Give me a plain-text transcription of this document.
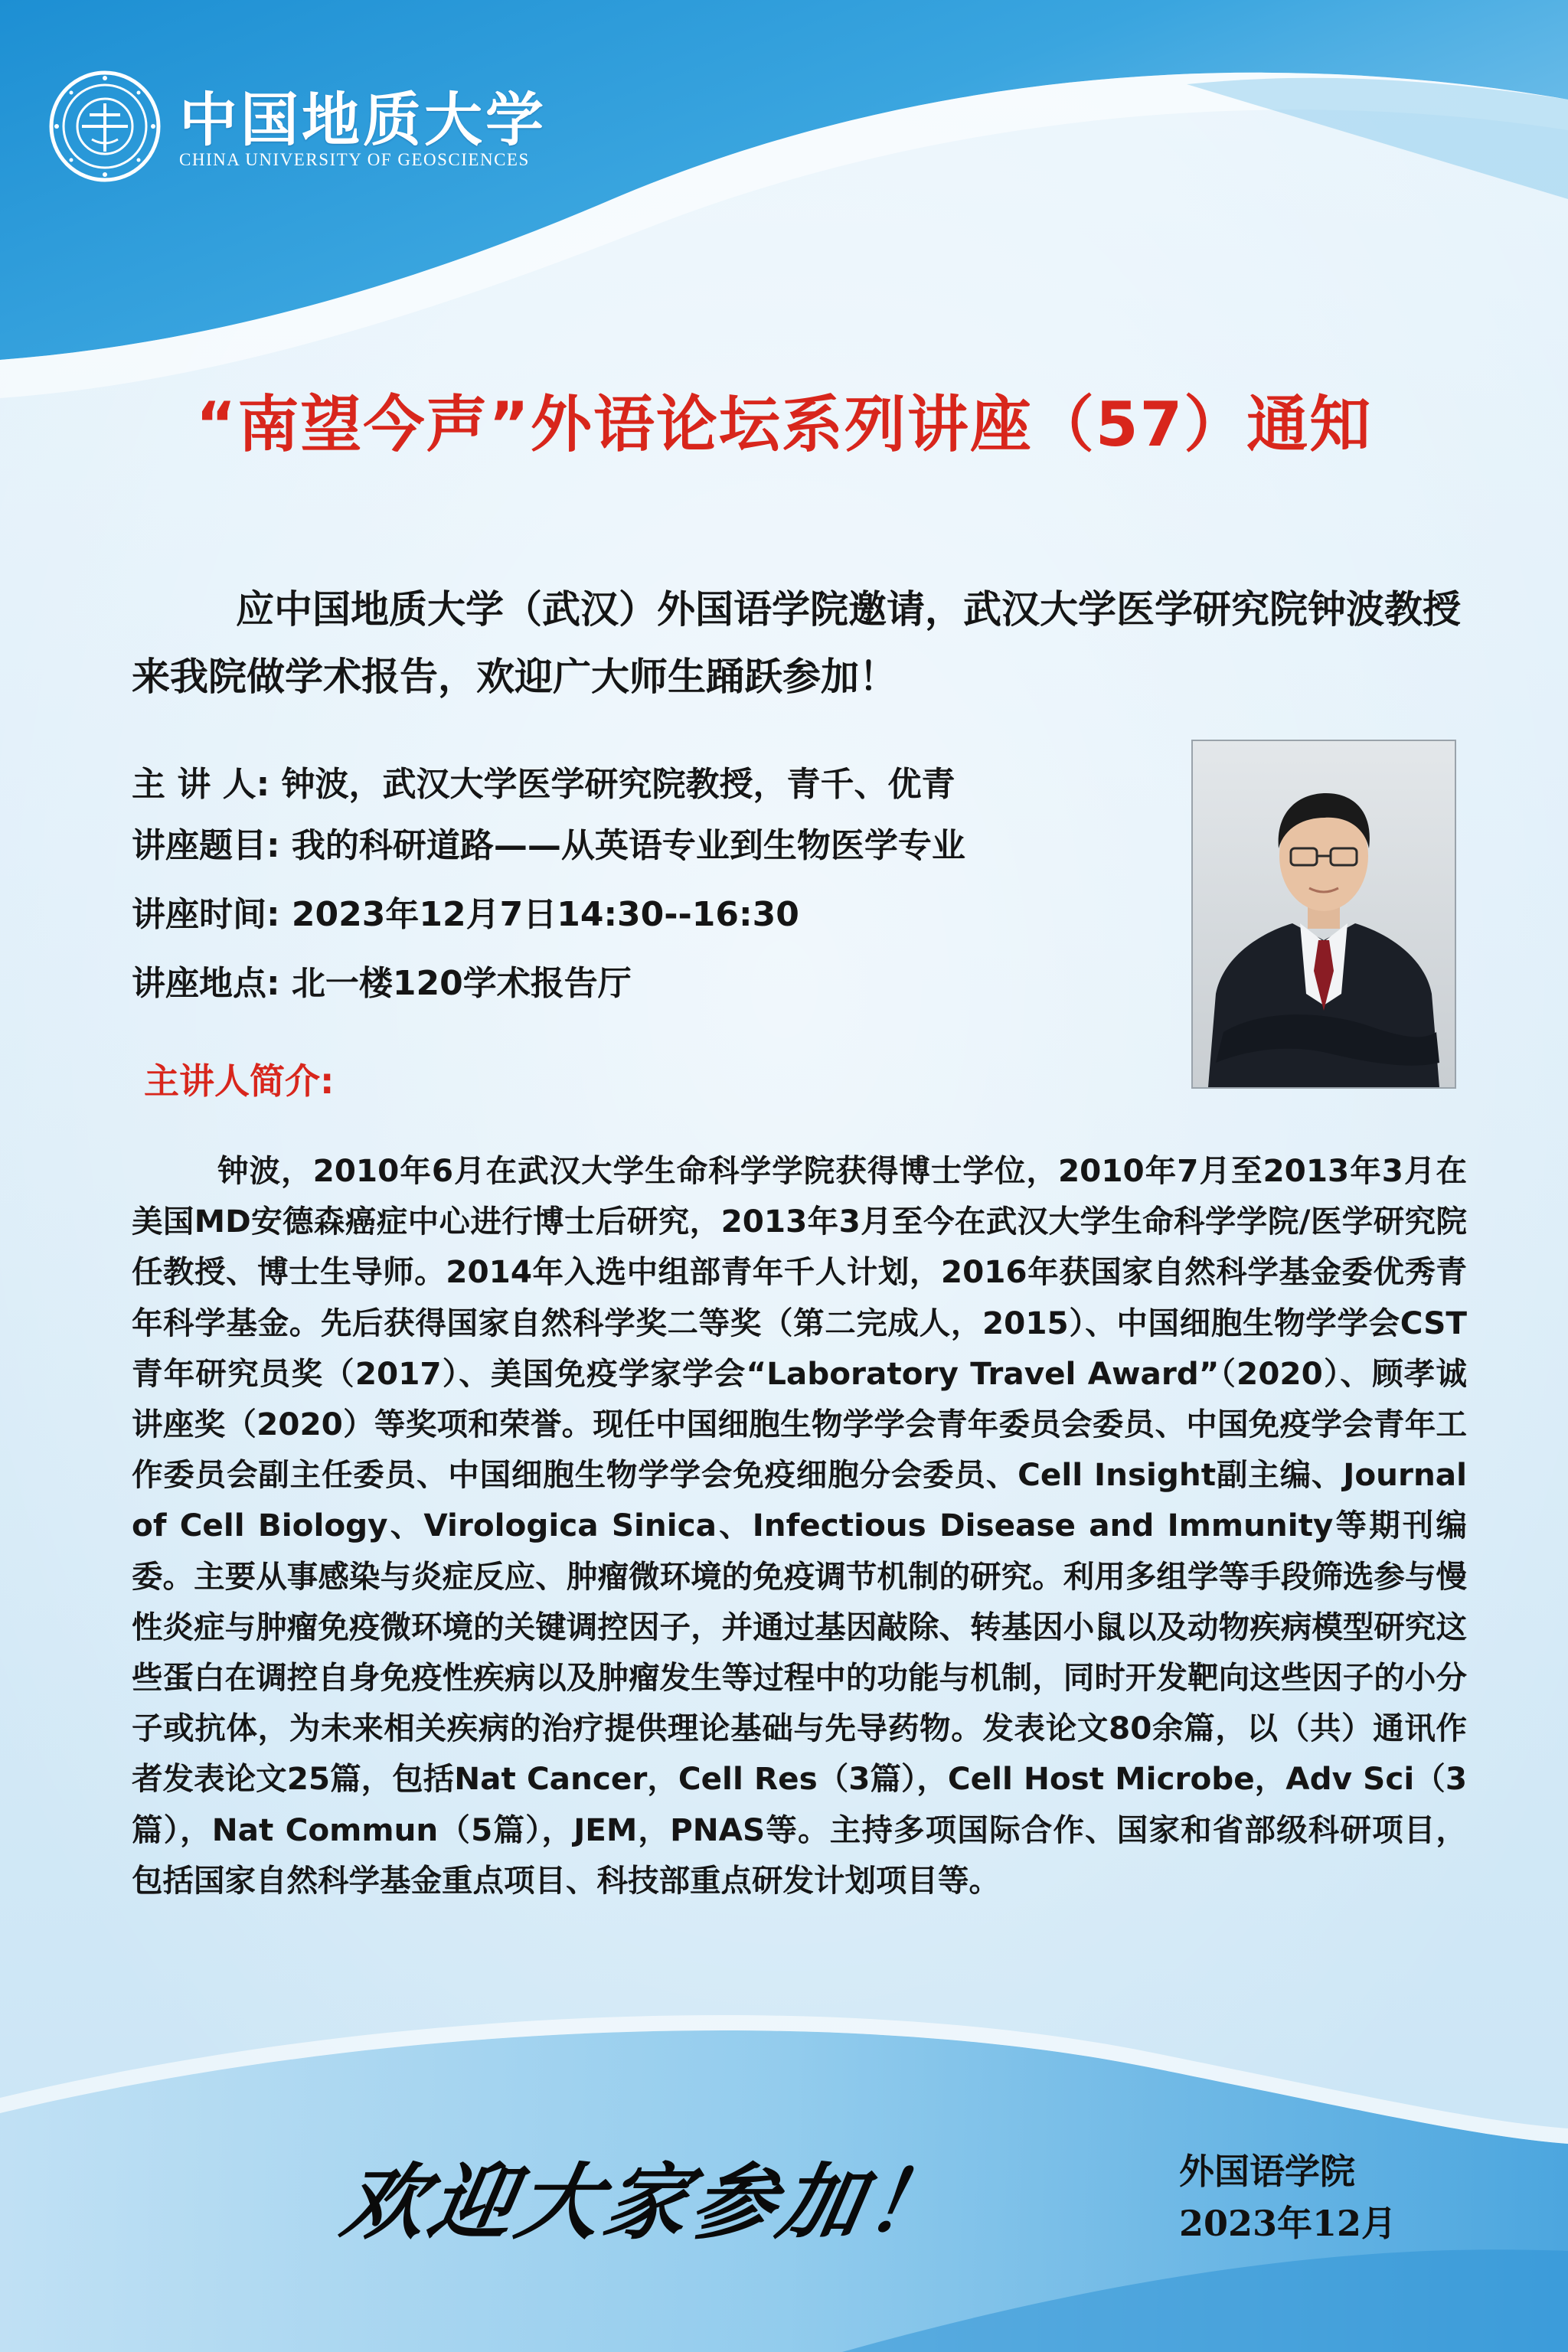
中国地质大学
CHINA UNIVERSITY OF GEOSCIENCES
“南望今声”外语论坛系列讲座（57）通知
应中国地质大学（武汉）外国语学院邀请，武汉大学医学研究院钟波教授来我院做学术报告，欢迎广大师生踊跃参加！
主 讲 人: 钟波，武汉大学医学研究院教授，青千、优青
讲座题目: 我的科研道路——从英语专业到生物医学专业
讲座时间: 2023年12月7日14:30--16:30
讲座地点: 北一楼120学术报告厅
主讲人简介:
钟波，2010年6月在武汉大学生命科学学院获得博士学位，2010年7月至2013年3月在美国MD安德森癌症中心进行博士后研究，2013年3月至今在武汉大学生命科学学院/医学研究院任教授、博士生导师。2014年入选中组部青年千人计划，2016年获国家自然科学基金委优秀青年科学基金。先后获得国家自然科学奖二等奖（第二完成人，2015）、中国细胞生物学学会CST青年研究员奖（2017）、美国免疫学家学会“Laboratory Travel Award”（2020）、顾孝诚讲座奖（2020）等奖项和荣誉。现任中国细胞生物学学会青年委员会委员、中国免疫学会青年工作委员会副主任委员、中国细胞生物学学会免疫细胞分会委员、Cell Insight副主编、Journal of Cell Biology、Virologica Sinica、Infectious Disease and Immunity等期刊编委。主要从事感染与炎症反应、肿瘤微环境的免疫调节机制的研究。利用多组学等手段筛选参与慢性炎症与肿瘤免疫微环境的关键调控因子，并通过基因敲除、转基因小鼠以及动物疾病模型研究这些蛋白在调控自身免疫性疾病以及肿瘤发生等过程中的功能与机制，同时开发靶向这些因子的小分子或抗体，为未来相关疾病的治疗提供理论基础与先导药物。发表论文80余篇，以（共）通讯作者发表论文25篇，包括Nat Cancer，Cell Res（3篇），Cell Host Microbe，Adv Sci（3篇），Nat Commun（5篇），JEM，PNAS等。主持多项国际合作、国家和省部级科研项目，包括国家自然科学基金重点项目、科技部重点研发计划项目等。
欢迎大家参加！	外国语学院
2023年12月
